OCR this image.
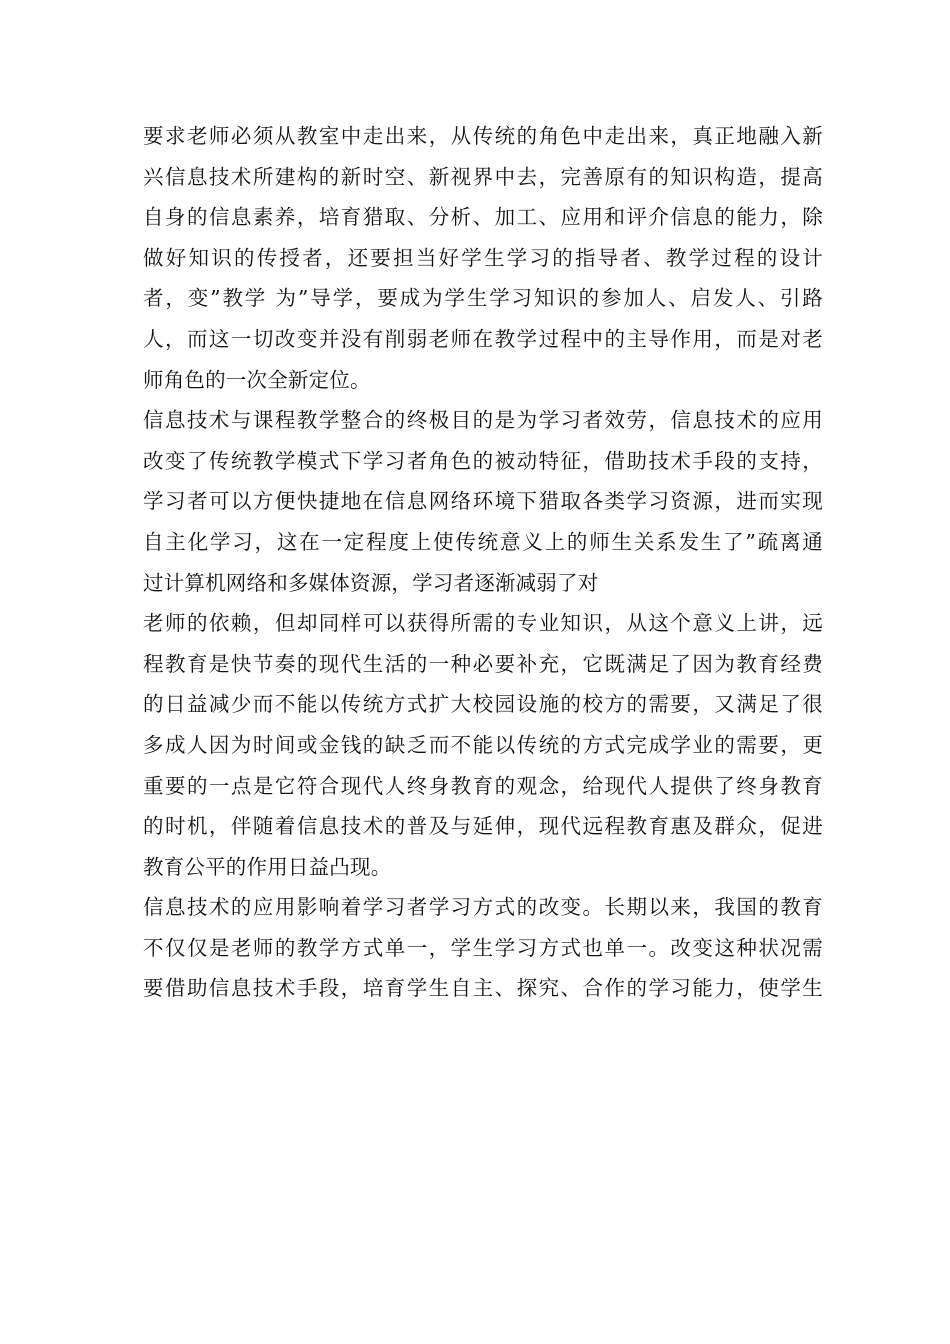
要求老师必须从教室中走出来，从传统的角色中走出来，真正地融入新
兴信息技术所建构的新时空、新视界中去，完善原有的知识构造，提高
自身的信息素养，培育猎取、分析、加工、应用和评介信息的能力，除
做好知识的传授者，还要担当好学生学习的指导者、教学过程的设计
者，变”教学 为”导学，要成为学生学习知识的参加人、启发人、引路
人，而这一切改变并没有削弱老师在教学过程中的主导作用，而是对老
师角色的一次全新定位。
信息技术与课程教学整合的终极目的是为学习者效劳，信息技术的应用
改变了传统教学模式下学习者角色的被动特征，借助技术手段的支持，
学习者可以方便快捷地在信息网络环境下猎取各类学习资源，进而实现
自主化学习，这在一定程度上使传统意义上的师生关系发生了”疏离通
过计算机网络和多媒体资源，学习者逐渐减弱了对
老师的依赖，但却同样可以获得所需的专业知识，从这个意义上讲，远
程教育是快节奏的现代生活的一种必要补充，它既满足了因为教育经费
的日益减少而不能以传统方式扩大校园设施的校方的需要，又满足了很
多成人因为时间或金钱的缺乏而不能以传统的方式完成学业的需要，更
重要的一点是它符合现代人终身教育的观念，给现代人提供了终身教育
的时机，伴随着信息技术的普及与延伸，现代远程教育惠及群众，促进
教育公平的作用日益凸现。
信息技术的应用影响着学习者学习方式的改变。长期以来，我国的教育
不仅仅是老师的教学方式单一，学生学习方式也单一。改变这种状况需
要借助信息技术手段，培育学生自主、探究、合作的学习能力，使学生
